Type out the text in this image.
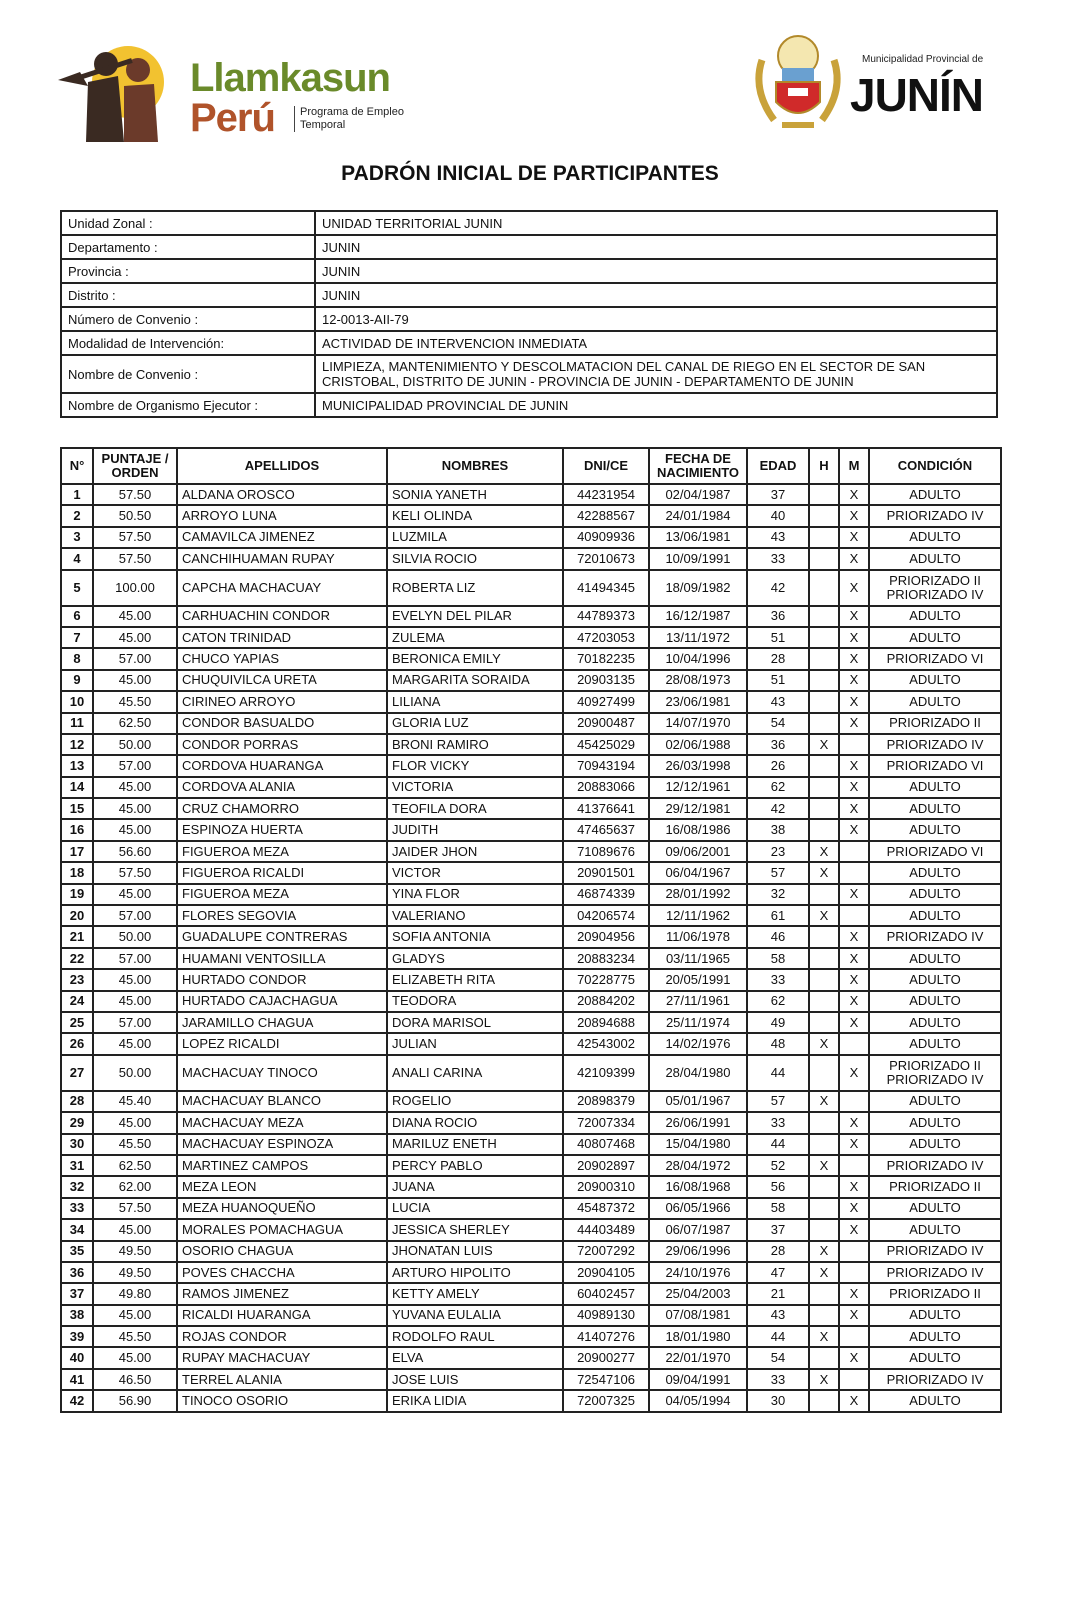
Llamkasun
Perú	Programa de Empleo Temporal
Municipalidad Provincial de
JUNÍN
PADRÓN INICIAL DE PARTICIPANTES
Unidad Zonal :	UNIDAD TERRITORIAL JUNIN
Departamento :	JUNIN
Provincia :	JUNIN
Distrito :	JUNIN
Número de Convenio :	12-0013-AII-79
Modalidad de Intervención:	ACTIVIDAD DE INTERVENCION INMEDIATA
Nombre de Convenio :	LIMPIEZA, MANTENIMIENTO Y DESCOLMATACION DEL CANAL DE RIEGO EN EL SECTOR DE SAN CRISTOBAL, DISTRITO DE JUNIN - PROVINCIA DE JUNIN - DEPARTAMENTO DE JUNIN
Nombre de Organismo Ejecutor :	MUNICIPALIDAD PROVINCIAL DE JUNIN
N°	PUNTAJE / ORDEN	APELLIDOS	NOMBRES	DNI/CE	FECHA DE NACIMIENTO	EDAD	H	M	CONDICIÓN
1	57.50	ALDANA OROSCO	SONIA YANETH	44231954	02/04/1987	37		X	ADULTO
2	50.50	ARROYO LUNA	KELI OLINDA	42288567	24/01/1984	40		X	PRIORIZADO IV
3	57.50	CAMAVILCA JIMENEZ	LUZMILA	40909936	13/06/1981	43		X	ADULTO
4	57.50	CANCHIHUAMAN RUPAY	SILVIA ROCIO	72010673	10/09/1991	33		X	ADULTO
5	100.00	CAPCHA MACHACUAY	ROBERTA LIZ	41494345	18/09/1982	42		X	PRIORIZADO II PRIORIZADO IV
6	45.00	CARHUACHIN CONDOR	EVELYN DEL PILAR	44789373	16/12/1987	36		X	ADULTO
7	45.00	CATON TRINIDAD	ZULEMA	47203053	13/11/1972	51		X	ADULTO
8	57.00	CHUCO YAPIAS	BERONICA EMILY	70182235	10/04/1996	28		X	PRIORIZADO VI
9	45.00	CHUQUIVILCA URETA	MARGARITA SORAIDA	20903135	28/08/1973	51		X	ADULTO
10	45.50	CIRINEO ARROYO	LILIANA	40927499	23/06/1981	43		X	ADULTO
11	62.50	CONDOR BASUALDO	GLORIA LUZ	20900487	14/07/1970	54		X	PRIORIZADO II
12	50.00	CONDOR PORRAS	BRONI RAMIRO	45425029	02/06/1988	36	X		PRIORIZADO IV
13	57.00	CORDOVA HUARANGA	FLOR VICKY	70943194	26/03/1998	26		X	PRIORIZADO VI
14	45.00	CORDOVA ALANIA	VICTORIA	20883066	12/12/1961	62		X	ADULTO
15	45.00	CRUZ CHAMORRO	TEOFILA DORA	41376641	29/12/1981	42		X	ADULTO
16	45.00	ESPINOZA HUERTA	JUDITH	47465637	16/08/1986	38		X	ADULTO
17	56.60	FIGUEROA MEZA	JAIDER JHON	71089676	09/06/2001	23	X		PRIORIZADO VI
18	57.50	FIGUEROA RICALDI	VICTOR	20901501	06/04/1967	57	X		ADULTO
19	45.00	FIGUEROA MEZA	YINA FLOR	46874339	28/01/1992	32		X	ADULTO
20	57.00	FLORES SEGOVIA	VALERIANO	04206574	12/11/1962	61	X		ADULTO
21	50.00	GUADALUPE CONTRERAS	SOFIA ANTONIA	20904956	11/06/1978	46		X	PRIORIZADO IV
22	57.00	HUAMANI VENTOSILLA	GLADYS	20883234	03/11/1965	58		X	ADULTO
23	45.00	HURTADO CONDOR	ELIZABETH RITA	70228775	20/05/1991	33		X	ADULTO
24	45.00	HURTADO CAJACHAGUA	TEODORA	20884202	27/11/1961	62		X	ADULTO
25	57.00	JARAMILLO CHAGUA	DORA MARISOL	20894688	25/11/1974	49		X	ADULTO
26	45.00	LOPEZ RICALDI	JULIAN	42543002	14/02/1976	48	X		ADULTO
27	50.00	MACHACUAY TINOCO	ANALI CARINA	42109399	28/04/1980	44		X	PRIORIZADO II PRIORIZADO IV
28	45.40	MACHACUAY BLANCO	ROGELIO	20898379	05/01/1967	57	X		ADULTO
29	45.00	MACHACUAY MEZA	DIANA ROCIO	72007334	26/06/1991	33		X	ADULTO
30	45.50	MACHACUAY ESPINOZA	MARILUZ ENETH	40807468	15/04/1980	44		X	ADULTO
31	62.50	MARTINEZ CAMPOS	PERCY PABLO	20902897	28/04/1972	52	X		PRIORIZADO IV
32	62.00	MEZA LEON	JUANA	20900310	16/08/1968	56		X	PRIORIZADO II
33	57.50	MEZA HUANOQUEÑO	LUCIA	45487372	06/05/1966	58		X	ADULTO
34	45.00	MORALES POMACHAGUA	JESSICA SHERLEY	44403489	06/07/1987	37		X	ADULTO
35	49.50	OSORIO CHAGUA	JHONATAN LUIS	72007292	29/06/1996	28	X		PRIORIZADO IV
36	49.50	POVES CHACCHA	ARTURO HIPOLITO	20904105	24/10/1976	47	X		PRIORIZADO IV
37	49.80	RAMOS JIMENEZ	KETTY AMELY	60402457	25/04/2003	21		X	PRIORIZADO II
38	45.00	RICALDI HUARANGA	YUVANA EULALIA	40989130	07/08/1981	43		X	ADULTO
39	45.50	ROJAS CONDOR	RODOLFO RAUL	41407276	18/01/1980	44	X		ADULTO
40	45.00	RUPAY MACHACUAY	ELVA	20900277	22/01/1970	54		X	ADULTO
41	46.50	TERREL ALANIA	JOSE LUIS	72547106	09/04/1991	33	X		PRIORIZADO IV
42	56.90	TINOCO OSORIO	ERIKA LIDIA	72007325	04/05/1994	30		X	ADULTO
